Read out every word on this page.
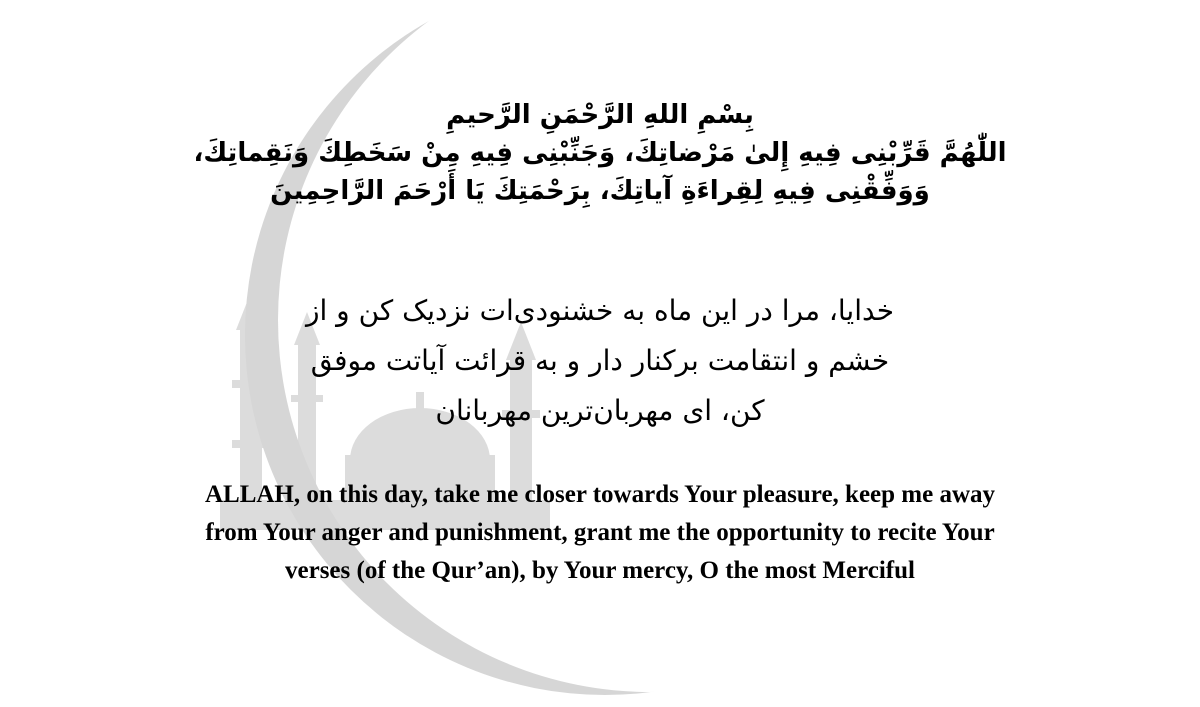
بِسْمِ اللهِ الرَّحْمَنِ الرَّحيمِ
اللّٰهُمَّ قَرِّبْنِی فِیهِ إِلیٰ مَرْضاتِكَ، وَجَنِّبْنِی فِیهِ مِنْ سَخَطِكَ وَنَقِماتِكَ،
وَوَفِّقْنِی فِیهِ لِقِراءَةِ آیاتِكَ، بِرَحْمَتِكَ یَا أَرْحَمَ الرَّاحِمِینَ
خدایا، مرا در این ماه به خشنودی‌ات نزدیک کن و از
خشم و انتقامت برکنار دار و به قرائت آیاتت موفق
کن، ای مهربان‌ترین مهربانان
ALLAH, on this day, take me closer towards Your pleasure, keep me away
from Your anger and punishment, grant me the opportunity to recite Your
verses (of the Qur’an), by Your mercy, O the most Merciful
